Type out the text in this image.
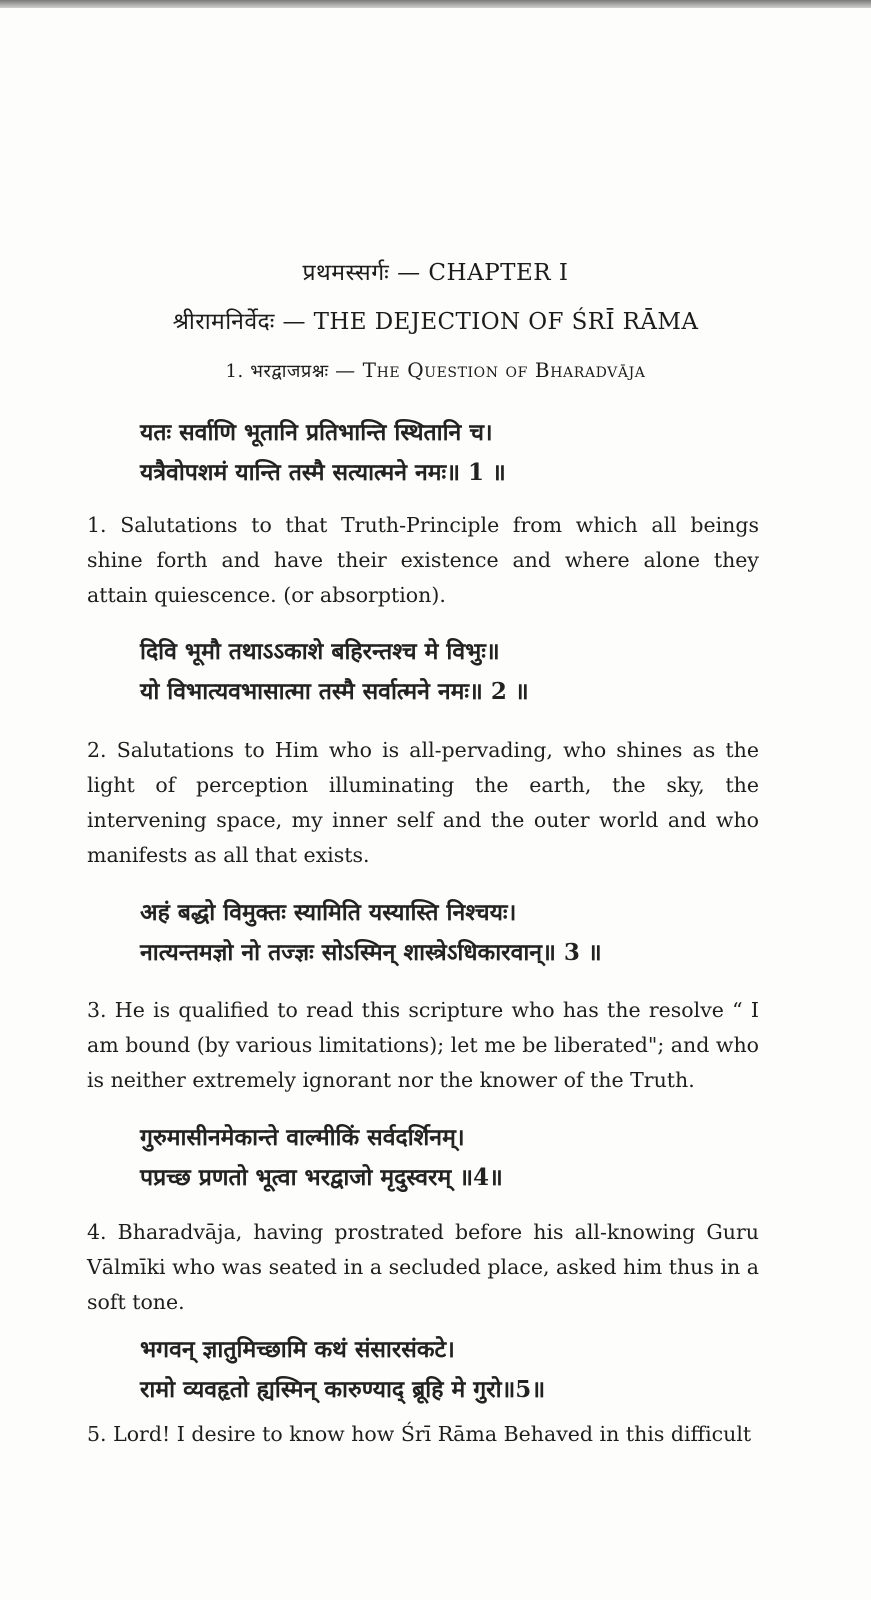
प्रथमस्सर्गः — CHAPTER I
श्रीरामनिर्वेदः — THE DEJECTION OF ŚRĪ RĀMA
1. भरद्वाजप्रश्नः — The Question of Bharadvāja
यतः सर्वाणि भूतानि प्रतिभान्ति स्थितानि च।
यत्रैवोपशमं यान्ति तस्मै सत्यात्मने नमः॥ 1 ॥

1. Salutations to that Truth-Principle from which all beings shine forth and have their existence and where alone they attain quiescence. (or absorption).

दिवि भूमौ तथाऽऽकाशे बहिरन्तश्च मे विभुः॥
यो विभात्यवभासात्मा तस्मै सर्वात्मने नमः॥ 2 ॥

2. Salutations to Him who is all-pervading, who shines as the light of perception illuminating the earth, the sky, the intervening space, my inner self and the outer world and who manifests as all that exists.

अहं बद्धो विमुक्तः स्यामिति यस्यास्ति निश्चयः।
नात्यन्तमज्ञो नो तज्ज्ञः सोऽस्मिन् शास्त्रेऽधिकारवान्॥ 3 ॥

3. He is qualified to read this scripture who has the resolve “ I am bound (by various limitations); let me be liberated"; and who is neither extremely ignorant nor the knower of the Truth.

गुरुमासीनमेकान्ते वाल्मीकिं सर्वदर्शिनम्।
पप्रच्छ प्रणतो भूत्वा भरद्वाजो मृदुस्वरम् ॥4॥

4. Bharadvāja, having prostrated before his all-knowing Guru Vālmīki who was seated in a secluded place, asked him thus in a soft tone.

भगवन् ज्ञातुमिच्छामि कथं संसारसंकटे।
रामो व्यवहृतो ह्यस्मिन् कारुण्याद् ब्रूहि मे गुरो॥5॥

5. Lord! I desire to know how Śrī Rāma Behaved in this difficult
